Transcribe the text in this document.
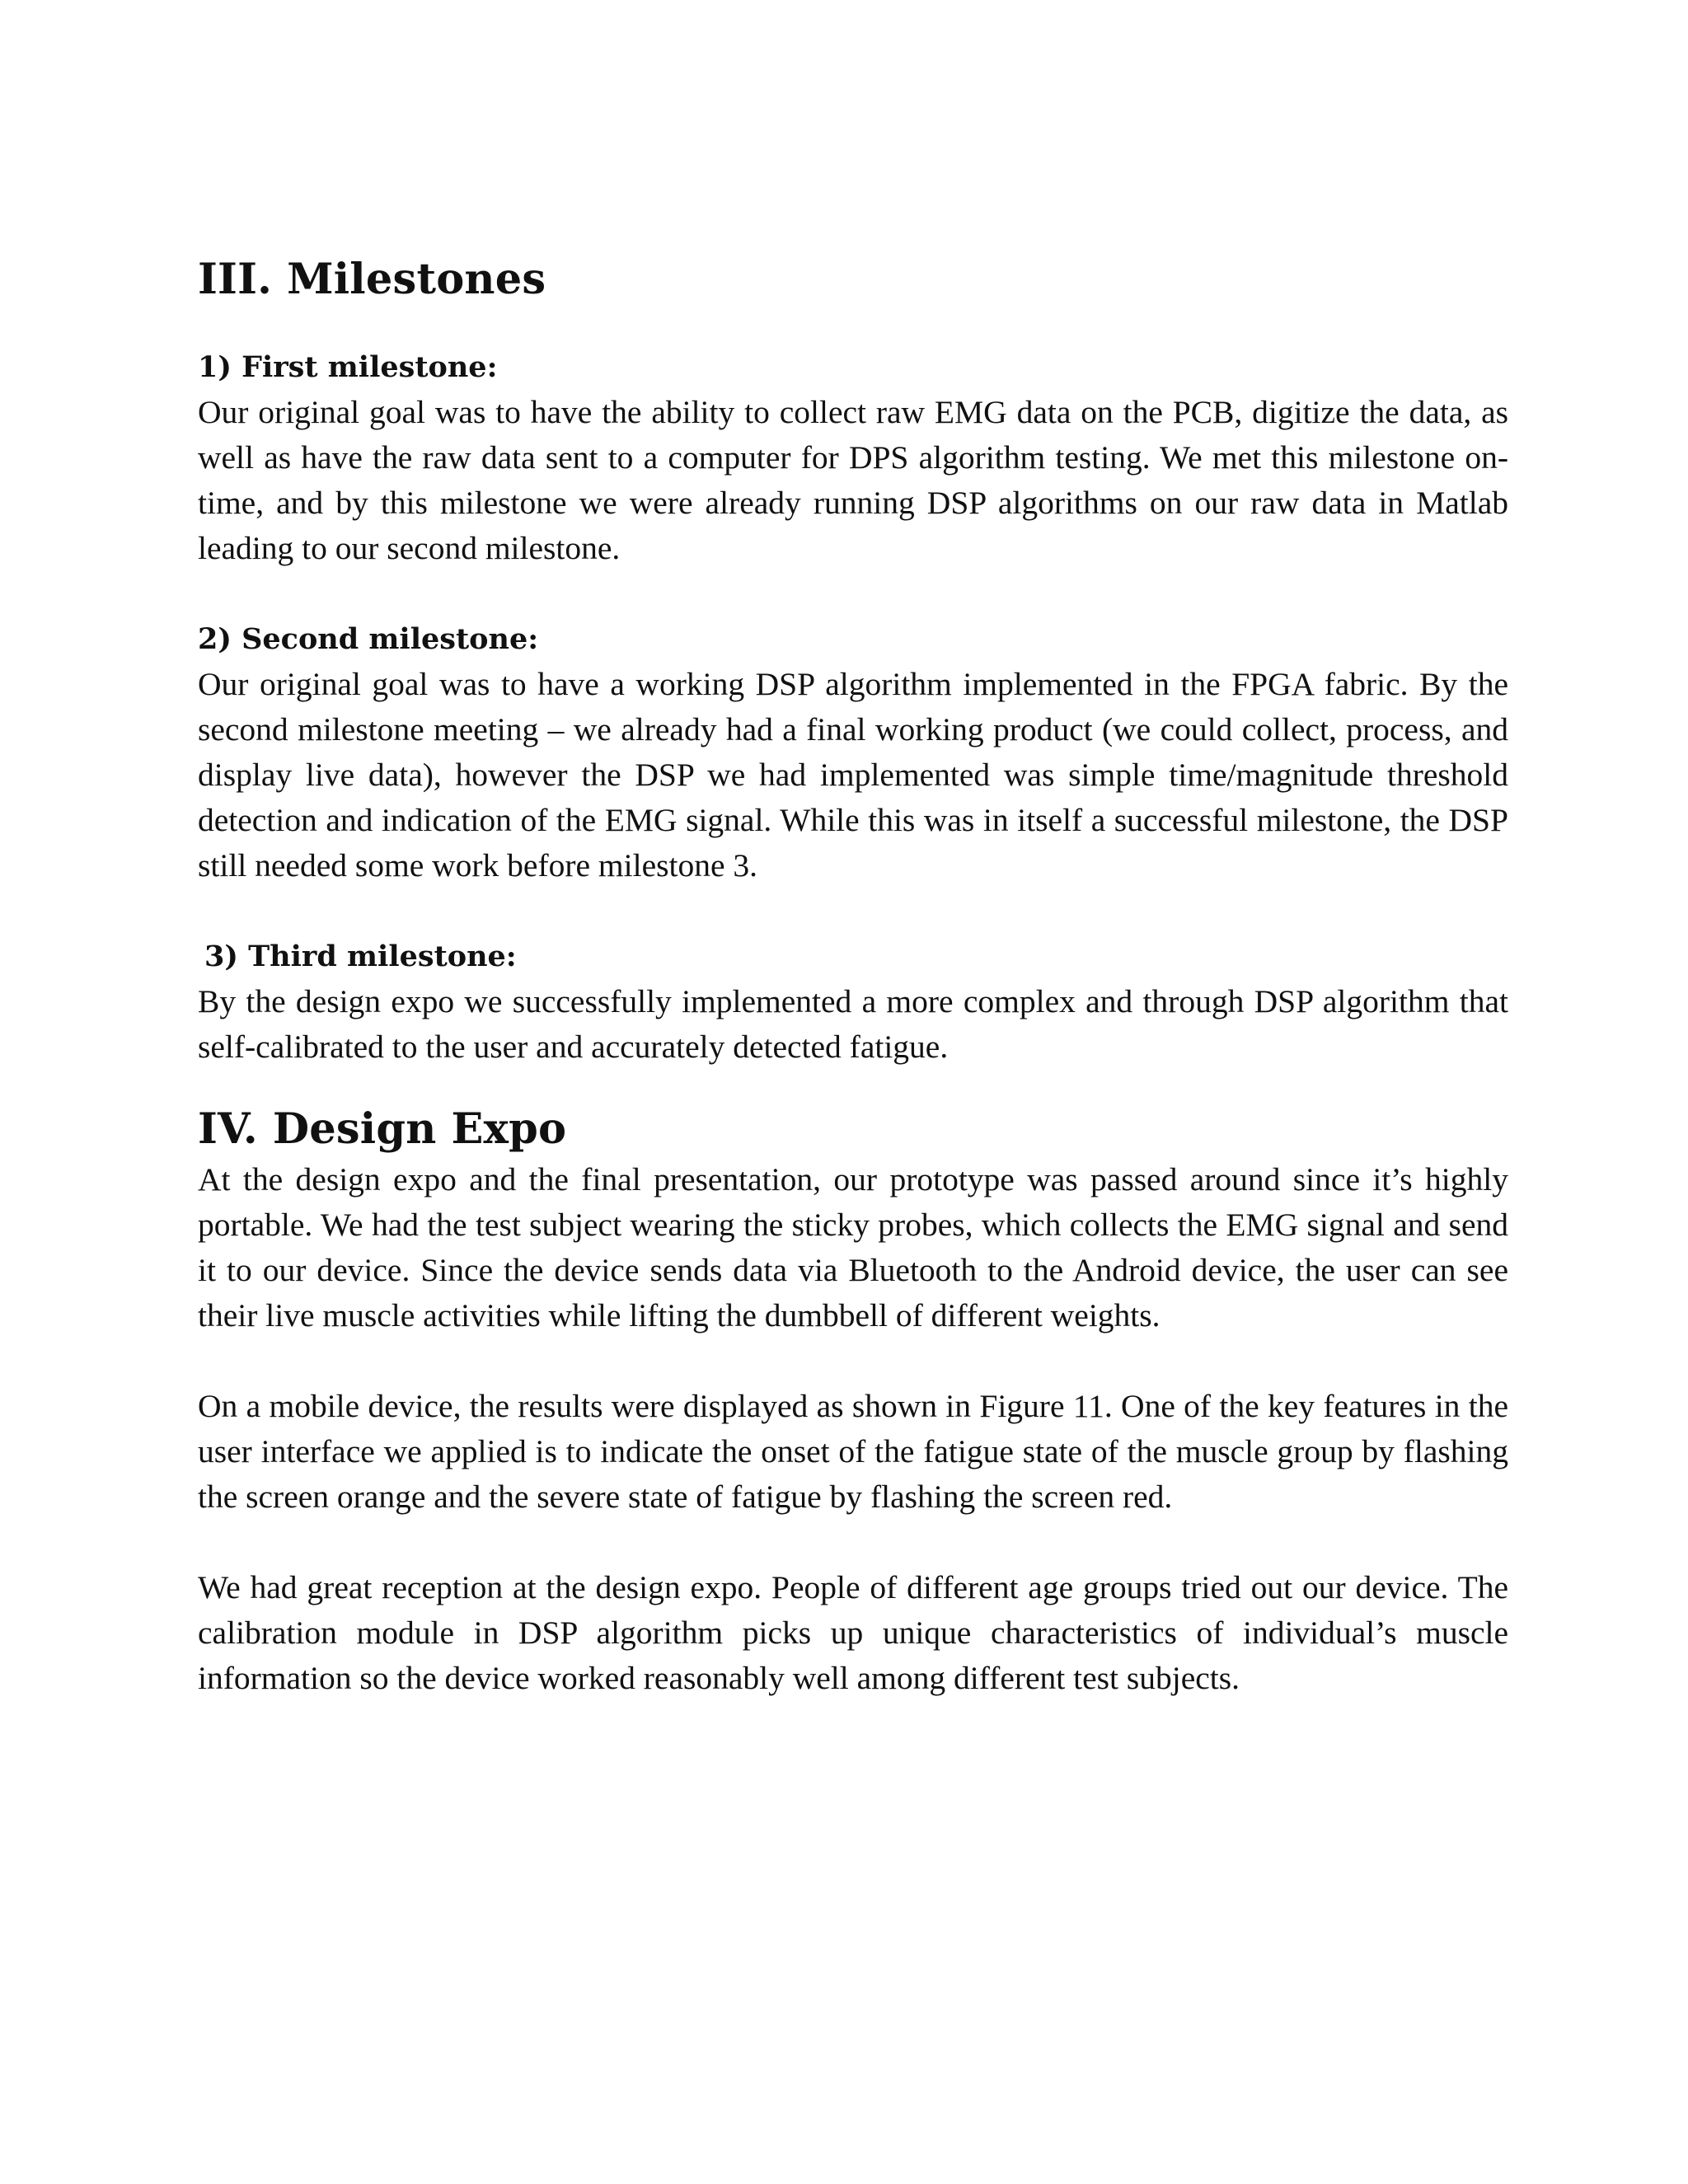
III. Milestones
1) First milestone:

Our original goal was to have the ability to collect raw EMG data on the PCB, digitize the data, as well as have the raw data sent to a computer for DPS algorithm testing. We met this milestone on-time, and by this milestone we were already running DSP algorithms on our raw data in Matlab leading to our second milestone.

2) Second milestone:

Our original goal was to have a working DSP algorithm implemented in the FPGA fabric. By the second milestone meeting – we already had a final working product (we could collect, process, and display live data), however the DSP we had implemented was simple time/magnitude threshold detection and indication of the EMG signal. While this was in itself a successful milestone, the DSP still needed some work before milestone 3.

3) Third milestone:

By the design expo we successfully implemented a more complex and through DSP algorithm that self-calibrated to the user and accurately detected fatigue.

IV. Design Expo

At the design expo and the final presentation, our prototype was passed around since it’s highly portable. We had the test subject wearing the sticky probes, which collects the EMG signal and send it to our device. Since the device sends data via Bluetooth to the Android device, the user can see their live muscle activities while lifting the dumbbell of different weights.

On a mobile device, the results were displayed as shown in Figure 11. One of the key features in the user interface we applied is to indicate the onset of the fatigue state of the muscle group by flashing the screen orange and the severe state of fatigue by flashing the screen red.

We had great reception at the design expo. People of different age groups tried out our device. The calibration module in DSP algorithm picks up unique characteristics of individual’s muscle information so the device worked reasonably well among different test subjects.
